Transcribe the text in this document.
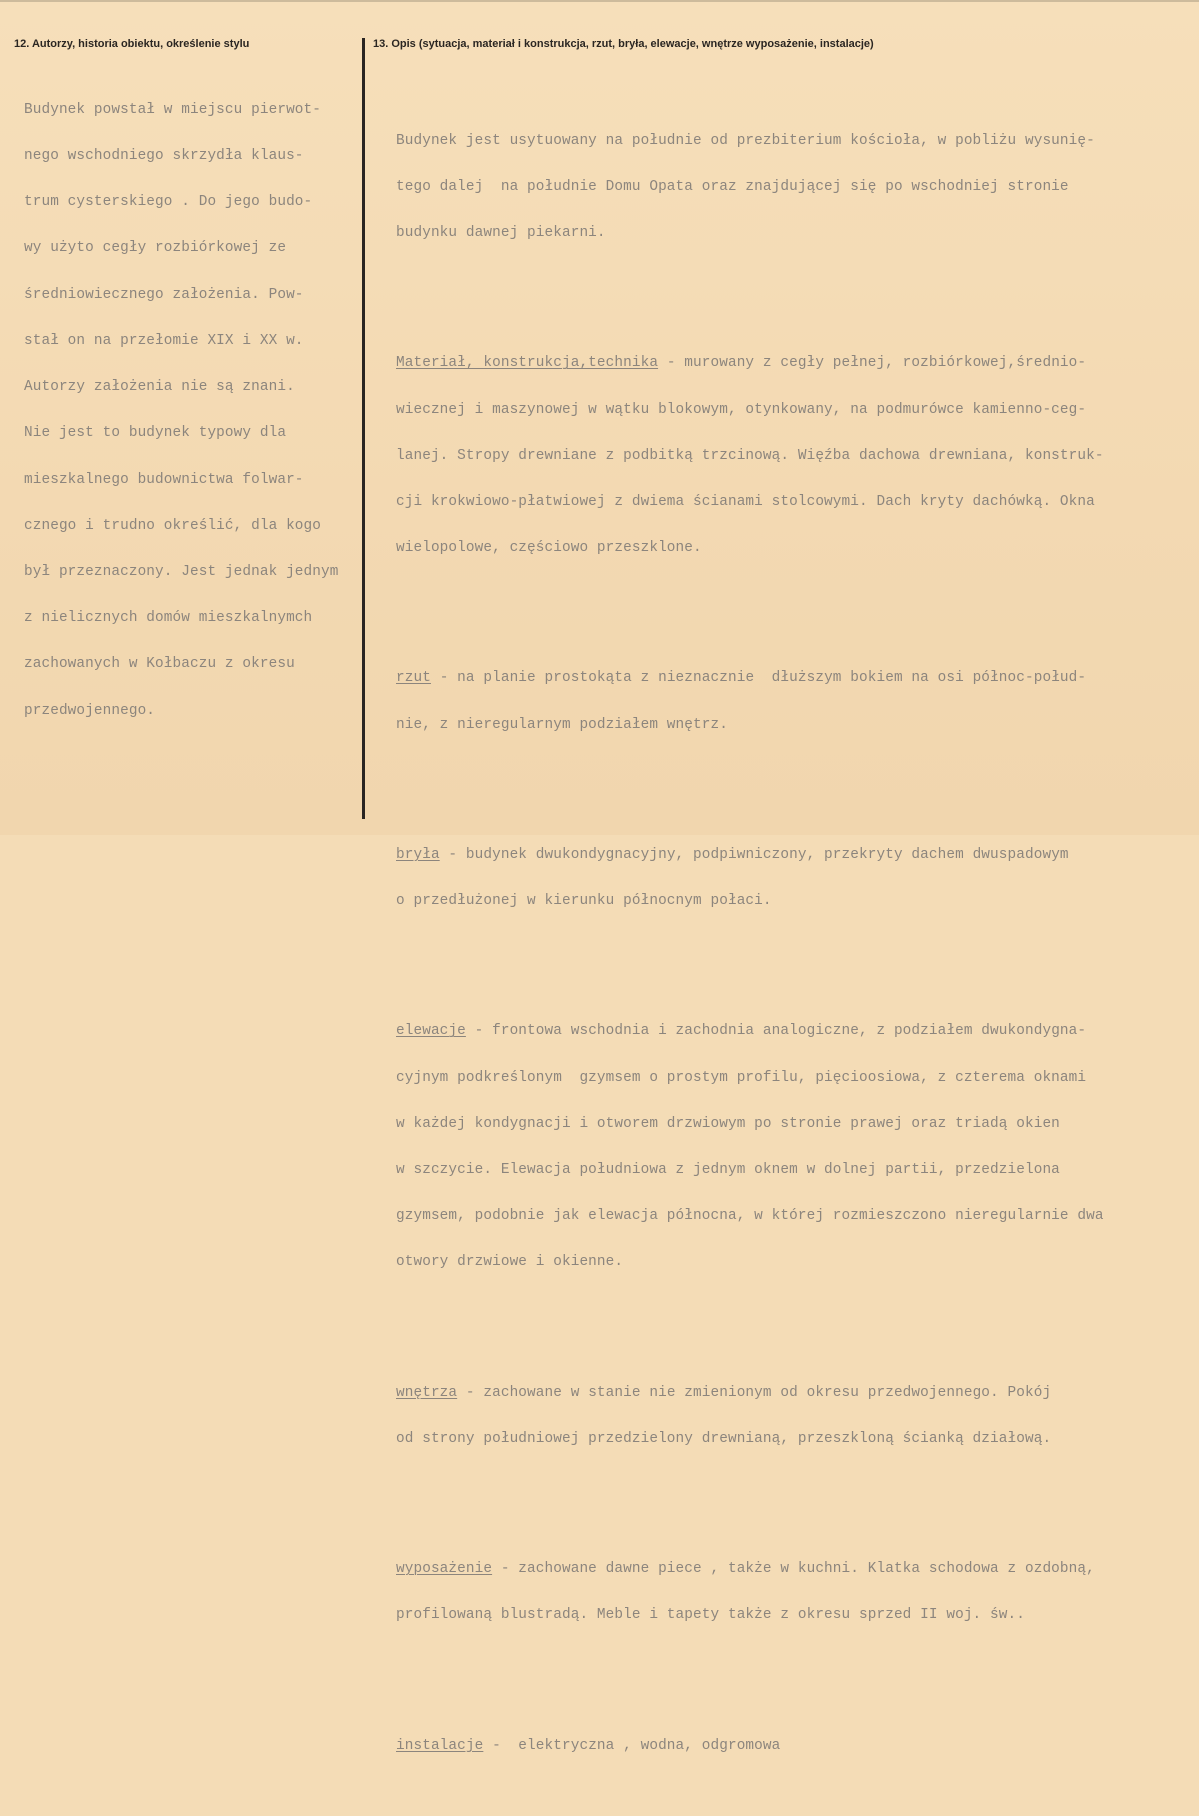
12. Autorzy, historia obiektu, określenie stylu	13. Opis (sytuacja, materiał i konstrukcja, rzut, bryła, elewacje, wnętrze wyposażenie, instalacje)

Budynek powstał w miejscu pierwot-

nego wschodniego skrzydła klaus-

trum cysterskiego . Do jego budo-

wy użyto cegły rozbiórkowej ze

średniowiecznego założenia. Pow-

stał on na przełomie XIX i XX w.

Autorzy założenia nie są znani.

Nie jest to budynek typowy dla

mieszkalnego budownictwa folwar-

cznego i trudno określić, dla kogo

był przeznaczony. Jest jednak jednym

z nielicznych domów mieszkalnymch

zachowanych w Kołbaczu z okresu

przedwojennego.

Budynek jest usytuowany na południe od prezbiterium kościoła, w pobliżu wysunię-

tego dalej  na południe Domu Opata oraz znajdującej się po wschodniej stronie

budynku dawnej piekarni.

Materiał, konstrukcja,technika - murowany z cegły pełnej, rozbiórkowej,średnio-

wiecznej i maszynowej w wątku blokowym, otynkowany, na podmurówce kamienno-ceg-

lanej. Stropy drewniane z podbitką trzcinową. Więźba dachowa drewniana, konstruk-

cji krokwiowo-płatwiowej z dwiema ścianami stolcowymi. Dach kryty dachówką. Okna

wielopolowe, częściowo przeszklone.

rzut - na planie prostokąta z nieznacznie  dłuższym bokiem na osi północ-połud-

nie, z nieregularnym podziałem wnętrz.

bryła - budynek dwukondygnacyjny, podpiwniczony, przekryty dachem dwuspadowym

o przedłużonej w kierunku północnym połaci.

elewacje - frontowa wschodnia i zachodnia analogiczne, z podziałem dwukondygna-

cyjnym podkreślonym  gzymsem o prostym profilu, pięcioosiowa, z czterema oknami

w każdej kondygnacji i otworem drzwiowym po stronie prawej oraz triadą okien

w szczycie. Elewacja południowa z jednym oknem w dolnej partii, przedzielona

gzymsem, podobnie jak elewacja północna, w której rozmieszczono nieregularnie dwa

otwory drzwiowe i okienne.

wnętrza - zachowane w stanie nie zmienionym od okresu przedwojennego. Pokój

od strony południowej przedzielony drewnianą, przeszkloną ścianką działową.

wyposażenie - zachowane dawne piece , także w kuchni. Klatka schodowa z ozdobną,

profilowaną blustradą. Meble i tapety także z okresu sprzed II woj. św..

instalacje -  elektryczna , wodna, odgromowa
